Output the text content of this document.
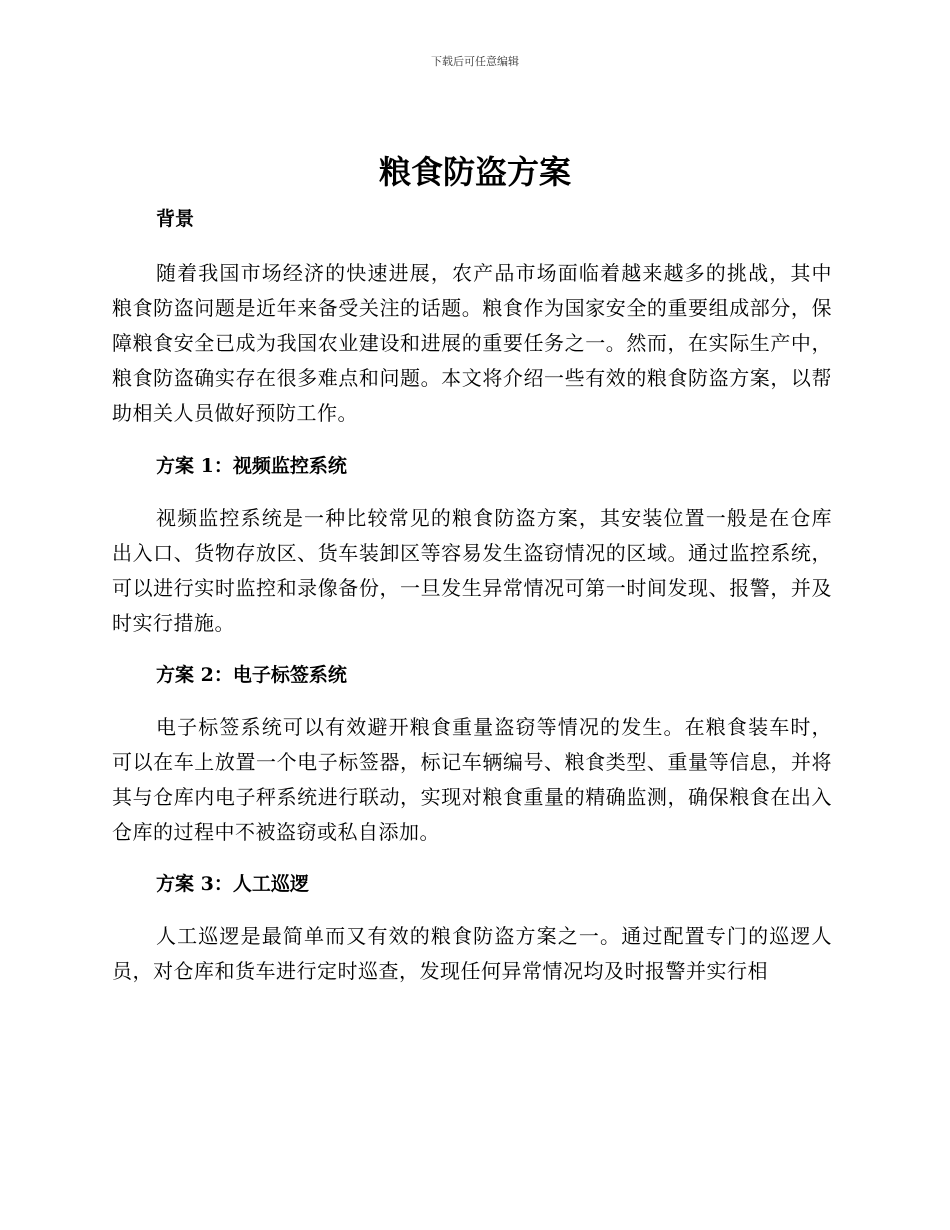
下载后可任意编辑
粮食防盗方案

背景

随着我国市场经济的快速进展，农产品市场面临着越来越多的挑战，其中粮食防盗问题是近年来备受关注的话题。粮食作为国家安全的重要组成部分，保障粮食安全已成为我国农业建设和进展的重要任务之一。然而，在实际生产中，粮食防盗确实存在很多难点和问题。本文将介绍一些有效的粮食防盗方案，以帮助相关人员做好预防工作。

方案 1：视频监控系统

视频监控系统是一种比较常见的粮食防盗方案，其安装位置一般是在仓库出入口、货物存放区、货车装卸区等容易发生盗窃情况的区域。通过监控系统，可以进行实时监控和录像备份，一旦发生异常情况可第一时间发现、报警，并及时实行措施。

方案 2：电子标签系统

电子标签系统可以有效避开粮食重量盗窃等情况的发生。在粮食装车时，可以在车上放置一个电子标签器，标记车辆编号、粮食类型、重量等信息，并将其与仓库内电子秤系统进行联动，实现对粮食重量的精确监测，确保粮食在出入仓库的过程中不被盗窃或私自添加。

方案 3：人工巡逻

人工巡逻是最简单而又有效的粮食防盗方案之一。通过配置专门的巡逻人员，对仓库和货车进行定时巡查，发现任何异常情况均及时报警并实行相
